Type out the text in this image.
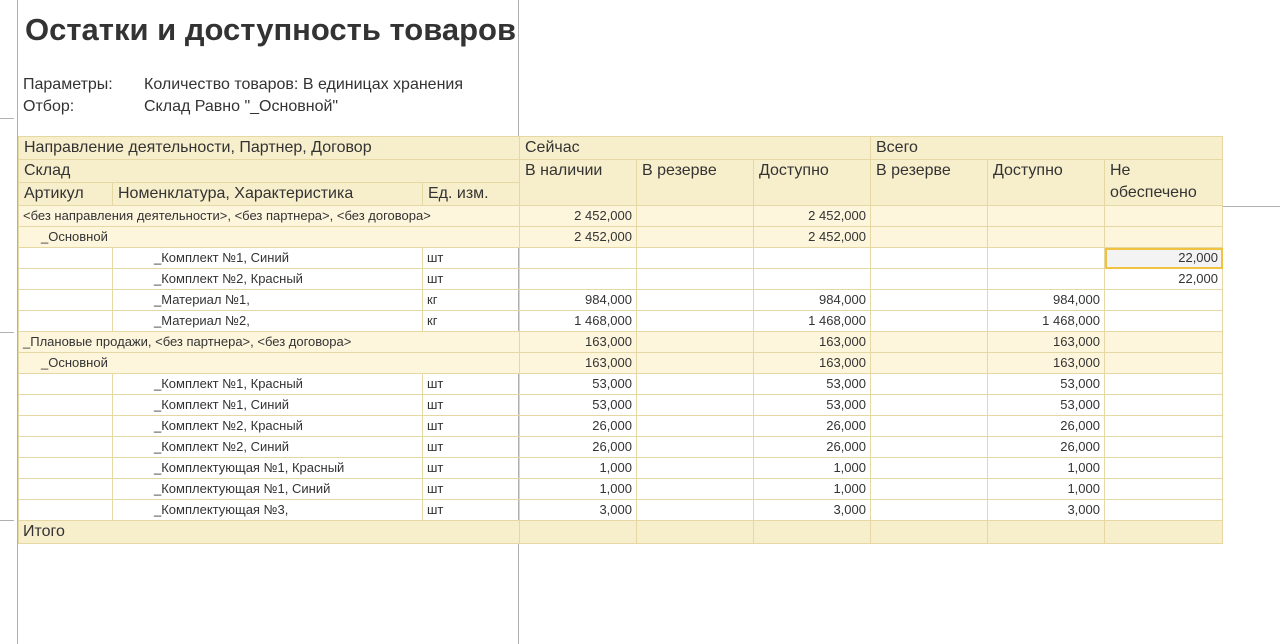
Остатки и доступность товаров
Параметры: Количество товаров: В единицах хранения
Отбор:	Склад Равно "_Основной"
Направление деятельности, Партнер, Договор			Сейчас			Всего		
Склад			В наличии	В резерве	Доступно	В резерве	Доступно	Не обеспечено
Артикул	Номенклатура, Характеристика	Ед. изм.						
<без направления деятельности>, <без партнера>, <без договора>			2 452,000		2 452,000			
_Основной			2 452,000		2 452,000			
	_Комплект №1, Синий	шт						22,000
	_Комплект №2, Красный	шт						22,000
	_Материал №1,	кг	984,000		984,000		984,000	
	_Материал №2,	кг	1 468,000		1 468,000		1 468,000	
_Плановые продажи, <без партнера>, <без договора>			163,000		163,000		163,000	
_Основной			163,000		163,000		163,000	
	_Комплект №1, Красный	шт	53,000		53,000		53,000	
	_Комплект №1, Синий	шт	53,000		53,000		53,000	
	_Комплект №2, Красный	шт	26,000		26,000		26,000	
	_Комплект №2, Синий	шт	26,000		26,000		26,000	
	_Комплектующая №1, Красный	шт	1,000		1,000		1,000	
	_Комплектующая №1, Синий	шт	1,000		1,000		1,000	
	_Комплектующая №3,	шт	3,000		3,000		3,000	
Итого								
